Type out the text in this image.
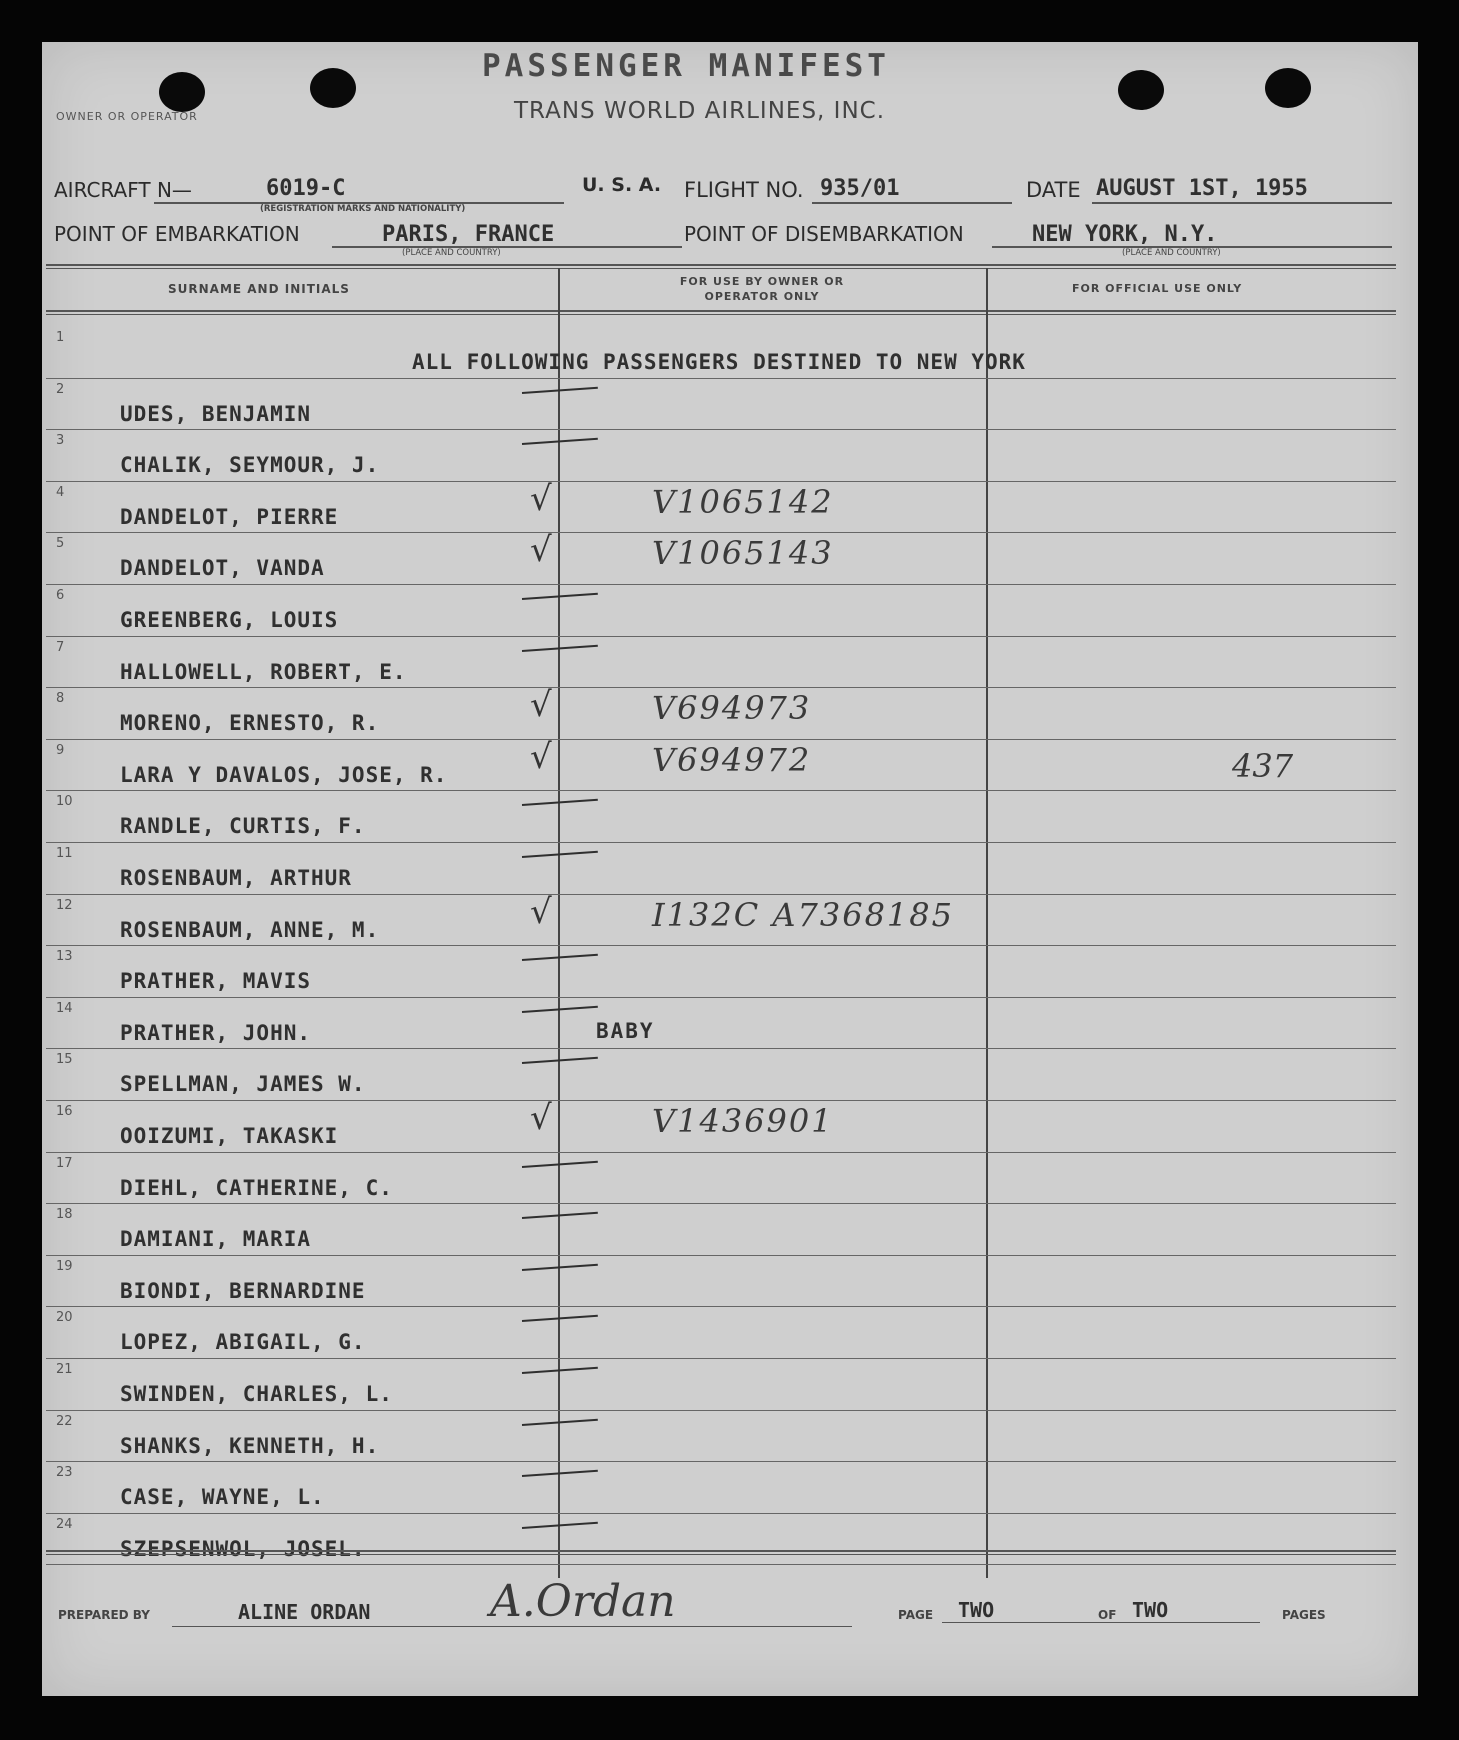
OWNER OR OPERATOR
PASSENGER MANIFEST
TRANS WORLD AIRLINES, INC.
AIRCRAFT N—	6019-C
(REGISTRATION MARKS AND NATIONALITY)
U. S. A. FLIGHT NO. 935/01	DATE AUGUST 1ST, 1955
POINT OF EMBARKATION	PARIS, FRANCE
(PLACE AND COUNTRY)
POINT OF DISEMBARKATION	NEW YORK, N.Y.
(PLACE AND COUNTRY)
SURNAME AND INITIALS
FOR USE BY OWNER OR OPERATOR ONLY
FOR OFFICIAL USE ONLY
1
ALL FOLLOWING PASSENGERS DESTINED TO NEW YORK
2
UDES, BENJAMIN
3
CHALIK, SEYMOUR, J.
4
DANDELOT, PIERRE	√	V1065142
5
DANDELOT, VANDA	√	V1065143
6
GREENBERG, LOUIS
7
HALLOWELL, ROBERT, E.
8
MORENO, ERNESTO, R.	√	V694973
9
LARA Y DAVALOS, JOSE, R. √	V694972	437
10
RANDLE, CURTIS, F.
11
ROSENBAUM, ARTHUR
12
ROSENBAUM, ANNE, M.	√	I132C A7368185
13
PRATHER, MAVIS
14
PRATHER, JOHN.	BABY
15
SPELLMAN, JAMES W.
16
OOIZUMI, TAKASKI	√	V1436901
17
DIEHL, CATHERINE, C.
18
DAMIANI, MARIA
19
BIONDI, BERNARDINE
20
LOPEZ, ABIGAIL, G.
21
SWINDEN, CHARLES, L.
22
SHANKS, KENNETH, H.
23
CASE, WAYNE, L.
24
SZEPSENWOL, JOSEL.
PREPARED BY	ALINE ORDAN	A.Ordan	PAGE TWO	OF TWO	PAGES
